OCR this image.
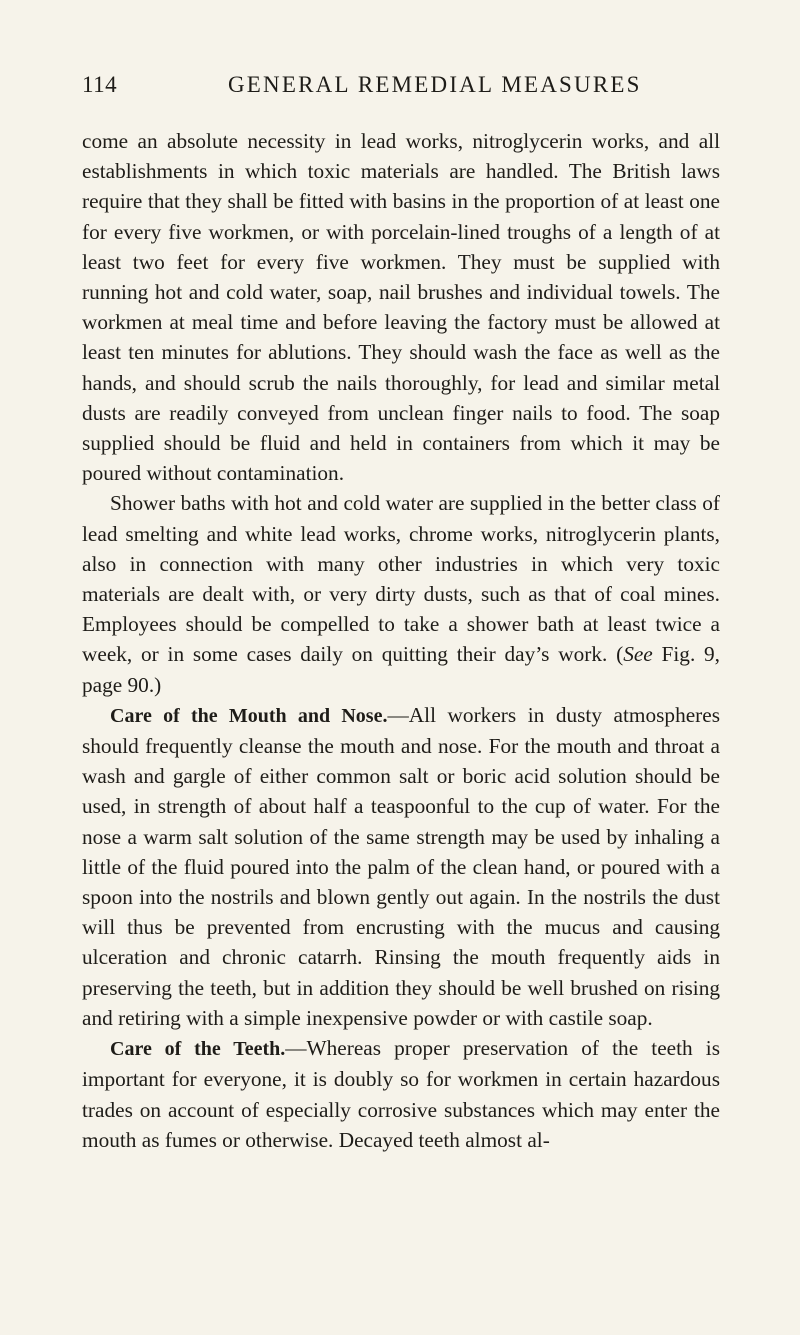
114	GENERAL REMEDIAL MEASURES

come an absolute necessity in lead works, nitroglycerin works, and all establishments in which toxic materials are handled. The British laws require that they shall be fitted with basins in the proportion of at least one for every five workmen, or with porcelain-lined troughs of a length of at least two feet for every five workmen. They must be supplied with running hot and cold water, soap, nail brushes and individual towels. The workmen at meal time and before leaving the factory must be allowed at least ten minutes for ablutions. They should wash the face as well as the hands, and should scrub the nails thoroughly, for lead and similar metal dusts are readily conveyed from unclean finger nails to food. The soap supplied should be fluid and held in containers from which it may be poured without contamination.

Shower baths with hot and cold water are supplied in the better class of lead smelting and white lead works, chrome works, nitroglycerin plants, also in connection with many other industries in which very toxic materials are dealt with, or very dirty dusts, such as that of coal mines. Employees should be compelled to take a shower bath at least twice a week, or in some cases daily on quitting their day’s work. (See Fig. 9, page 90.)

Care of the Mouth and Nose.—All workers in dusty atmospheres should frequently cleanse the mouth and nose. For the mouth and throat a wash and gargle of either common salt or boric acid solution should be used, in strength of about half a teaspoonful to the cup of water. For the nose a warm salt solution of the same strength may be used by inhaling a little of the fluid poured into the palm of the clean hand, or poured with a spoon into the nostrils and blown gently out again. In the nostrils the dust will thus be prevented from encrusting with the mucus and causing ulceration and chronic catarrh. Rinsing the mouth frequently aids in preserving the teeth, but in addition they should be well brushed on rising and retiring with a simple inexpensive powder or with castile soap.

Care of the Teeth.—Whereas proper preservation of the teeth is important for everyone, it is doubly so for workmen in certain hazardous trades on account of especially corrosive substances which may enter the mouth as fumes or otherwise. Decayed teeth almost al-
